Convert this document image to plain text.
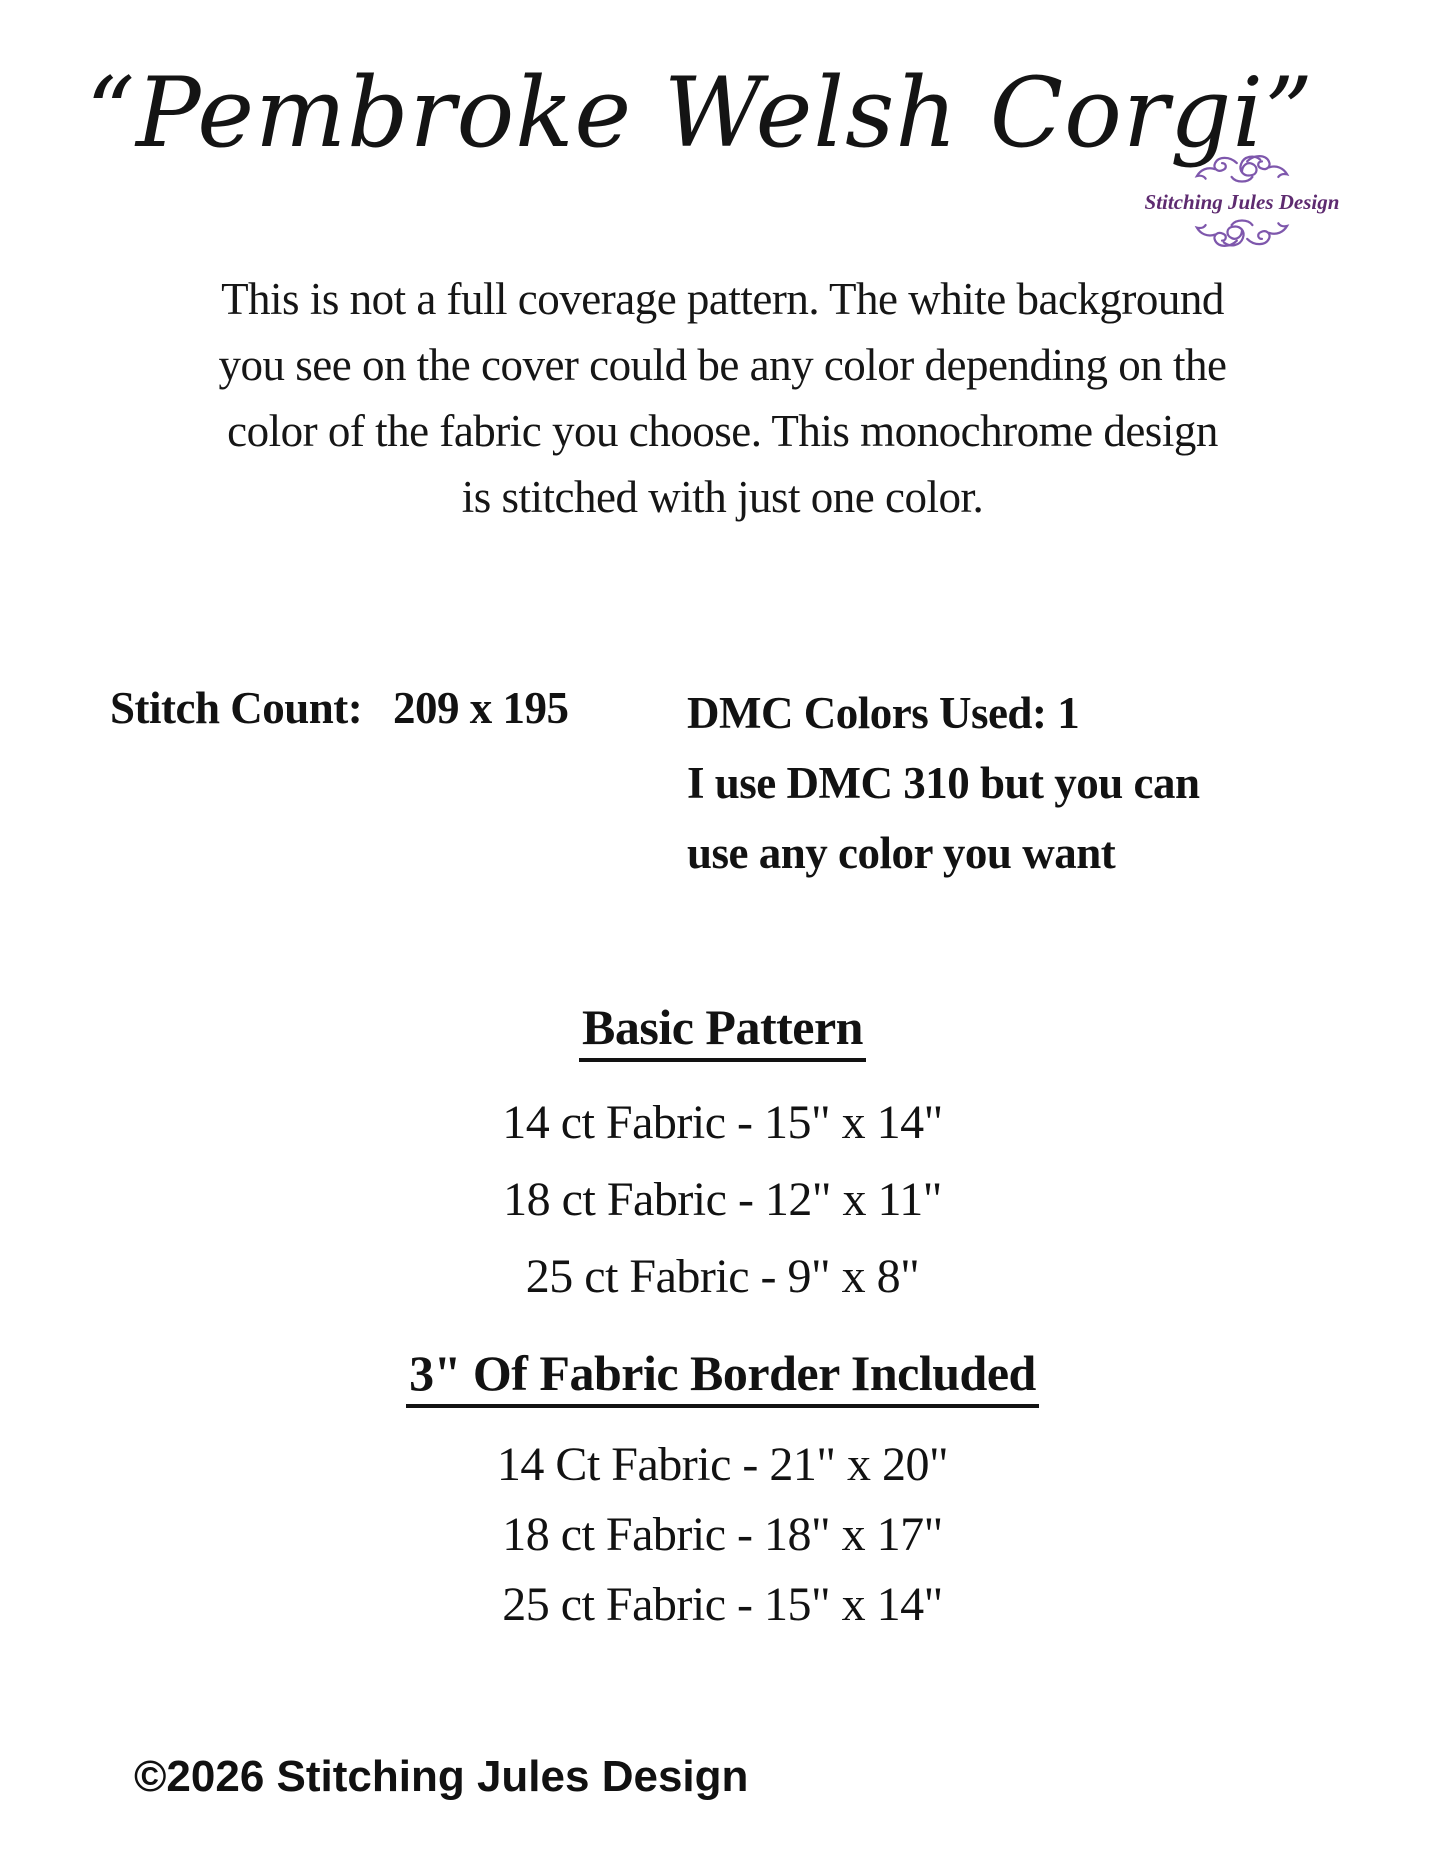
“Pembroke Welsh Corgi”
Stitching Jules Design
This is not a full coverage pattern. The white background
you see on the cover could be any color depending on the
color of the fabric you choose. This monochrome design
is stitched with just one color.
Stitch Count: 209 x 195	DMC Colors Used: 1
I use DMC 310 but you can
use any color you want
Basic Pattern
14 ct Fabric - 15" x 14"
18 ct Fabric - 12" x 11"
25 ct Fabric - 9" x 8"
3" Of Fabric Border Included
14 Ct Fabric - 21" x 20"
18 ct Fabric - 18" x 17"
25 ct Fabric - 15" x 14"
©2026 Stitching Jules Design
